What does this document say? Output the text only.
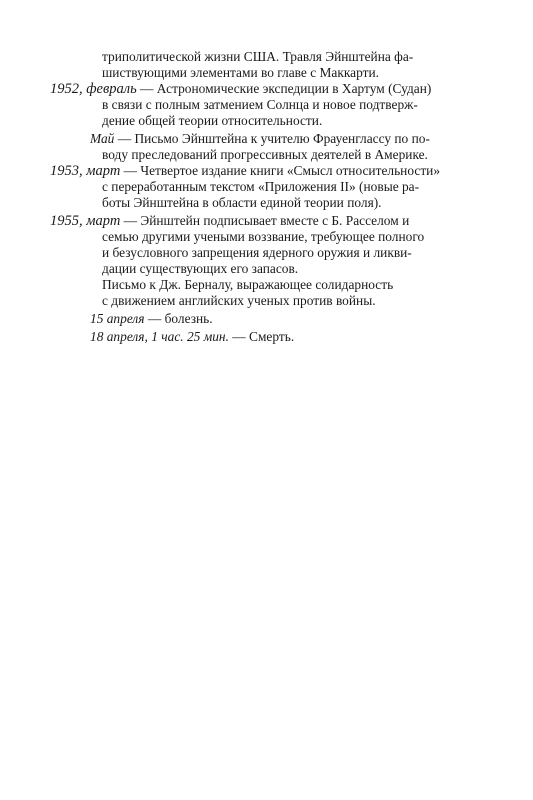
триполитической жизни США. Травля Эйнштейна фа-
шиствующими элементами во главе с Маккарти.
1952, февраль — Астрономические экспедиции в Хартум (Судан)
в связи с полным затмением Солнца и новое подтверж-
дение общей теории относительности.
Май — Письмо Эйнштейна к учителю Фрауенглассу по по-
воду преследований прогрессивных деятелей в Америке.
1953, март — Четвертое издание книги «Смысл относительности»
с переработанным текстом «Приложения II» (новые ра-
боты Эйнштейна в области единой теории поля).
1955, март — Эйнштейн подписывает вместе с Б. Расселом и
семью другими учеными воззвание, требующее полного
и безусловного запрещения ядерного оружия и ликви-
дации существующих его запасов.
Письмо к Дж. Берналу, выражающее солидарность
с движением английских ученых против войны.
15 апреля — болезнь.
18 апреля, 1 час. 25 мин. — Смерть.
